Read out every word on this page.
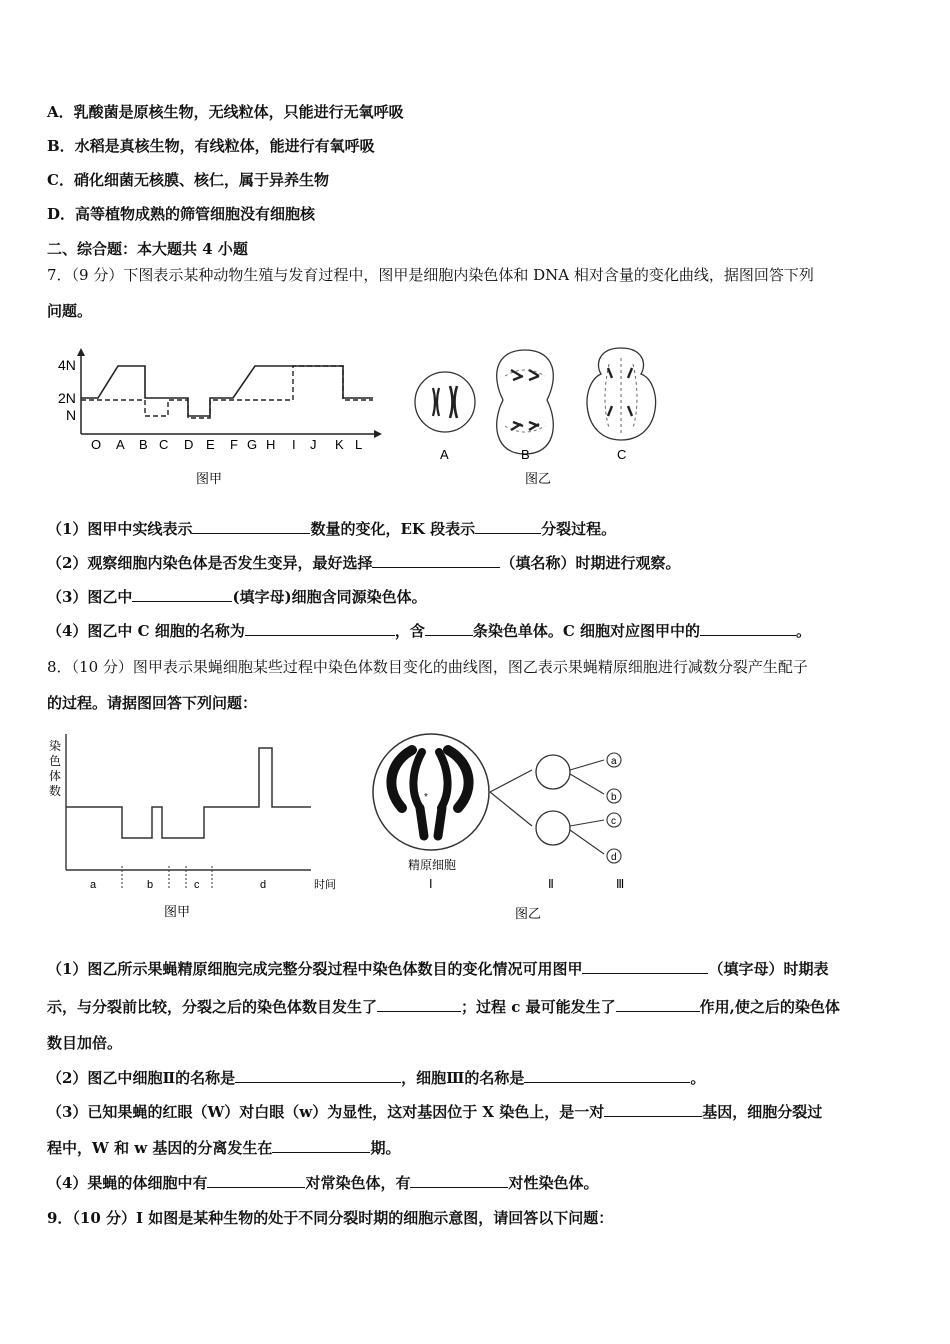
A．乳酸菌是原核生物，无线粒体，只能进行无氧呼吸
B．水稻是真核生物，有线粒体，能进行有氧呼吸
C．硝化细菌无核膜、核仁，属于异养生物
D．高等植物成熟的筛管细胞没有细胞核
二、综合题：本大题共 4 小题
7．（9 分）下图表示某种动物生殖与发育过程中，图甲是细胞内染色体和 DNA 相对含量的变化曲线，据图回答下列
问题。
4N
2N
N
O A B C D E F G H I J K L
图甲
A	B	C
图乙
（1）图甲中实线表示	数量的变化，EK 段表示	分裂过程。
（2）观察细胞内染色体是否发生变异，最好选择	（填名称）时期进行观察。
（3）图乙中	(填字母)细胞含同源染色体。
（4）图乙中 C 细胞的名称为	，含	条染色单体。C 细胞对应图甲中的	。
8．（10 分）图甲表示果蝇细胞某些过程中染色体数目变化的曲线图，图乙表示果蝇精原细胞进行减数分裂产生配子
的过程。请据图回答下列问题：
染
色
体
数
a	b	c	d	时间
图甲
*
a
b
c
d
精原细胞
Ⅰ	Ⅱ	Ⅲ
图乙
（1）图乙所示果蝇精原细胞完成完整分裂过程中染色体数目的变化情况可用图甲	（填字母）时期表
示，与分裂前比较，分裂之后的染色体数目发生了	；过程 c 最可能发生了	作用,使之后的染色体
数目加倍。
（2）图乙中细胞Ⅱ的名称是	，细胞Ⅲ的名称是	。
（3）已知果蝇的红眼（W）对白眼（w）为显性，这对基因位于 X 染色上，是一对	基因，细胞分裂过
程中，W 和 w 基因的分离发生在	期。
（4）果蝇的体细胞中有	对常染色体，有	对性染色体。
9．（10 分）I 如图是某种生物的处于不同分裂时期的细胞示意图，请回答以下问题：
